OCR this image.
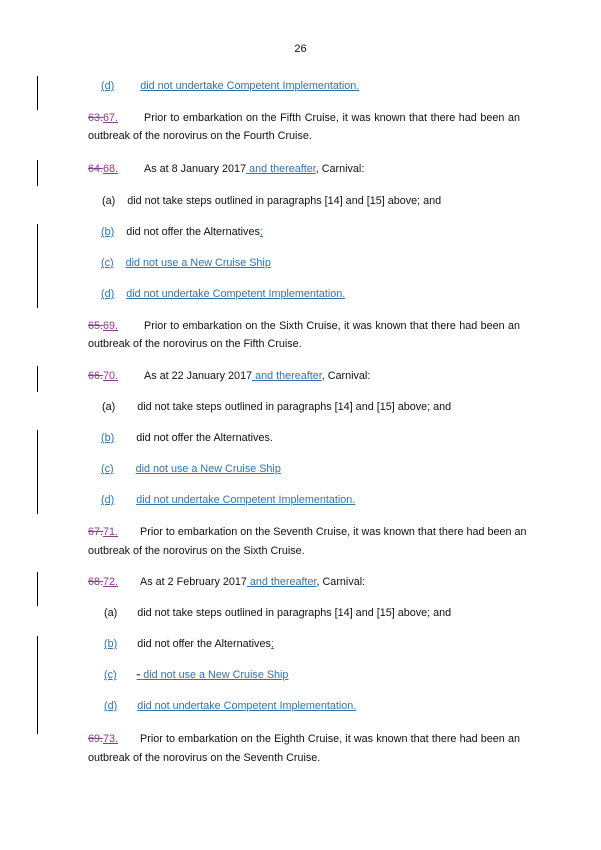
26
(d) did not undertake Competent Implementation.
63.67. Prior to embarkation on the Fifth Cruise, it was known that there had been an
outbreak of the norovirus on the Fourth Cruise.
64.68. As at 8 January 2017 and thereafter, Carnival:
(a) did not take steps outlined in paragraphs [14] and [15] above; and
(b) did not offer the Alternatives;
(c) did not use a New Cruise Ship
(d) did not undertake Competent Implementation.
65.69. Prior to embarkation on the Sixth Cruise, it was known that there had been an
outbreak of the norovirus on the Fifth Cruise.
66.70. As at 22 January 2017 and thereafter, Carnival:
(a) did not take steps outlined in paragraphs [14] and [15] above; and
(b) did not offer the Alternatives.
(c) did not use a New Cruise Ship
(d) did not undertake Competent Implementation.
67.71. Prior to embarkation on the Seventh Cruise, it was known that there had been an
outbreak of the norovirus on the Sixth Cruise.
68.72. As at 2 February 2017 and thereafter, Carnival:
(a) did not take steps outlined in paragraphs [14] and [15] above; and
(b) did not offer the Alternatives;
(c) - did not use a New Cruise Ship
(d) did not undertake Competent Implementation.
69.73. Prior to embarkation on the Eighth Cruise, it was known that there had been an
outbreak of the norovirus on the Seventh Cruise.
